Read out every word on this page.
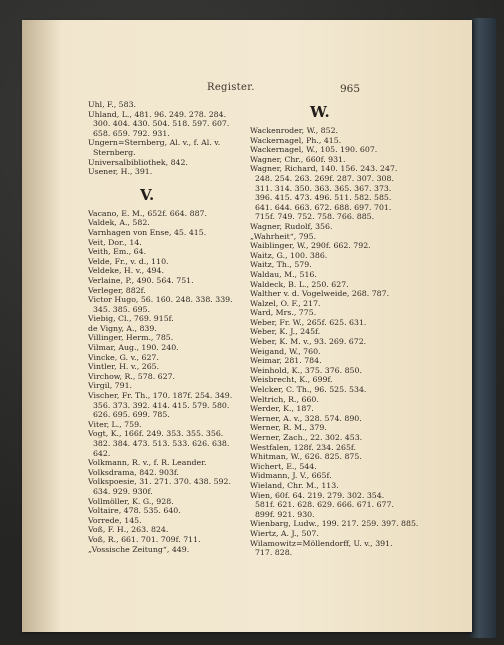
Register.	965
Uhl, F., 583.
Uhland, L., 481. 96. 249. 278. 284.
300. 404. 430. 504. 518. 597. 607.
658. 659. 792. 931.
Ungern=Sternberg, Al. v., f. Al. v.
Sternberg.
Universalbibliothek, 842.
Usener, H., 391.
V.
Vacano, E. M., 652f. 664. 887.
Valdek, A., 582.
Varnhagen von Ense, 45. 415.
Veit, Dor., 14.
Veith, Em., 64.
Velde, Fr., v. d., 110.
Veldeke, H. v., 494.
Verlaine, P., 490. 564. 751.
Verleger, 882f.
Victor Hugo, 56. 160. 248. 338. 339.
345. 385. 695.
Viebig, Cl., 769. 915f.
de Vigny, A., 839.
Villinger, Herm., 785.
Vilmar, Aug., 190. 240.
Vincke, G. v., 627.
Vintler, H. v., 265.
Virchow, R., 578. 627.
Virgil, 791.
Vischer, Fr. Th., 170. 187f. 254. 349.
356. 373. 392. 414. 415. 579. 580.
626. 695. 699. 785.
Viter, L., 759.
Vogt, K., 166f. 249. 353. 355. 356.
382. 384. 473. 513. 533. 626. 638.
642.
Volkmann, R. v., f. R. Leander.
Volksdrama, 842. 903f.
Volkspoesie, 31. 271. 370. 438. 592.
634. 929. 930f.
Vollmöller, K. G., 928.
Voltaire, 478. 535. 640.
Vorrede, 145.
Voß, F. H., 263. 824.
Voß, R., 661. 701. 709f. 711.
„Vossische Zeitung“, 449.
W.
Wackenroder, W., 852.
Wackernagel, Ph., 415.
Wackernagel, W., 105. 190. 607.
Wagner, Chr., 660f. 931.
Wagner, Richard, 140. 156. 243. 247.
248. 254. 263. 269f. 287. 307. 308.
311. 314. 350. 363. 365. 367. 373.
396. 415. 473. 496. 511. 582. 585.
641. 644. 663. 672. 688. 697. 701.
715f. 749. 752. 758. 766. 885.
Wagner, Rudolf, 356.
„Wahrheit“, 795.
Waiblinger, W., 290f. 662. 792.
Waitz, G., 100. 386.
Waitz, Th., 579.
Waldau, M., 516.
Waldeck, B. L., 250. 627.
Walther v. d. Vogelweide, 268. 787.
Walzel, O. F., 217.
Ward, Mrs., 775.
Weber, Fr. W., 265f. 625. 631.
Weber, K. J., 245f.
Weber, K. M. v., 93. 269. 672.
Weigand, W., 760.
Weimar, 281. 784.
Weinhold, K., 375. 376. 850.
Weisbrecht, K., 699f.
Welcker, C. Th., 96. 525. 534.
Weltrich, R., 660.
Werder, K., 187.
Werner, A. v., 328. 574. 890.
Werner, R. M., 379.
Werner, Zach., 22. 302. 453.
Westfalen, 128f. 234. 265f.
Whitman, W., 626. 825. 875.
Wichert, E., 544.
Widmann, J. V., 665f.
Wieland, Chr. M., 113.
Wien, 60f. 64. 219. 279. 302. 354.
581f. 621. 628. 629. 666. 671. 677.
899f. 921. 930.
Wienbarg, Ludw., 199. 217. 259. 397. 885.
Wiertz, A. J., 507.
Wilamowitz=Möllendorff, U. v., 391.
717. 828.
